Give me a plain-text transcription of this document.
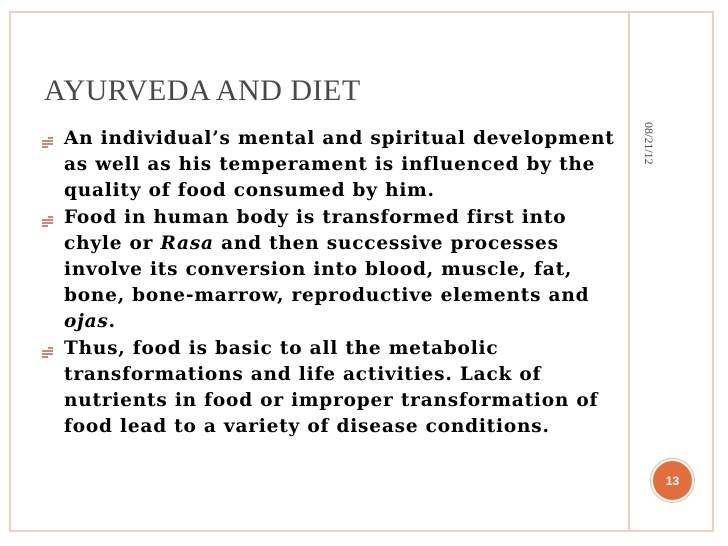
AYURVEDA AND DIET
08/21/12
An individual’s mental and spiritual development as well as his temperament is influenced by the quality of food consumed by him.
Food in human body is transformed first into chyle or Rasa and then successive processes involve its conversion into blood, muscle, fat, bone, bone-marrow, reproductive elements and ojas.
Thus, food is basic to all the metabolic transformations and life activities. Lack of nutrients in food or improper transformation of food lead to a variety of disease conditions.
13
